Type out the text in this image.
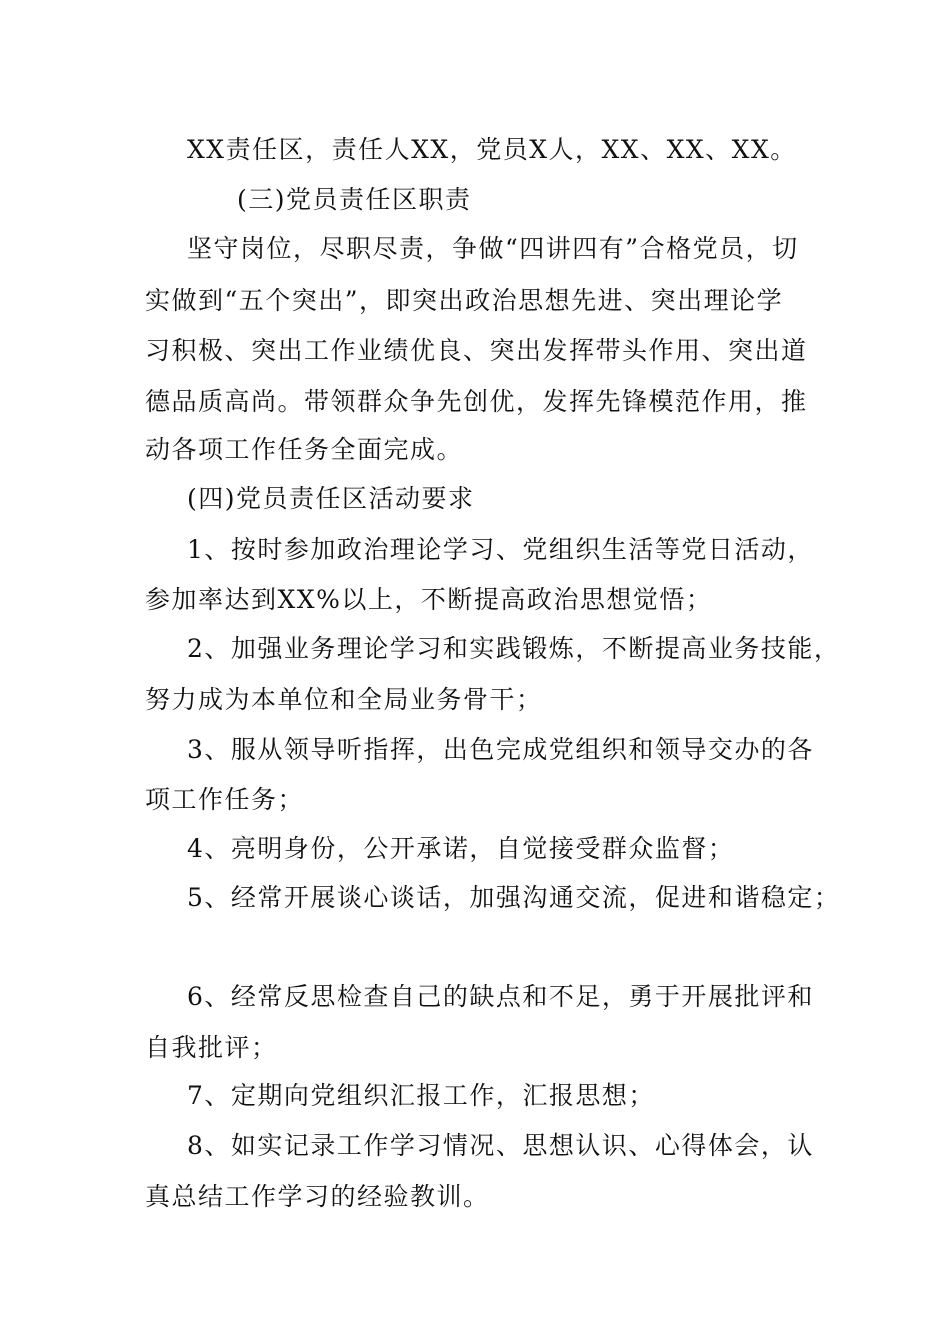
XX责任区，责任人XX，党员X人，XX、XX、XX。
(三)党员责任区职责
坚守岗位，尽职尽责，争做“四讲四有”合格党员，切
实做到“五个突出”，即突出政治思想先进、突出理论学
习积极、突出工作业绩优良、突出发挥带头作用、突出道
德品质高尚。带领群众争先创优，发挥先锋模范作用，推
动各项工作任务全面完成。
(四)党员责任区活动要求
1、按时参加政治理论学习、党组织生活等党日活动，
参加率达到XX%以上，不断提高政治思想觉悟；
2、加强业务理论学习和实践锻炼，不断提高业务技能，
努力成为本单位和全局业务骨干；
3、服从领导听指挥，出色完成党组织和领导交办的各
项工作任务；
4、亮明身份，公开承诺，自觉接受群众监督；
5、经常开展谈心谈话，加强沟通交流，促进和谐稳定；
6、经常反思检查自己的缺点和不足，勇于开展批评和
自我批评；
7、定期向党组织汇报工作，汇报思想；
8、如实记录工作学习情况、思想认识、心得体会，认
真总结工作学习的经验教训。
